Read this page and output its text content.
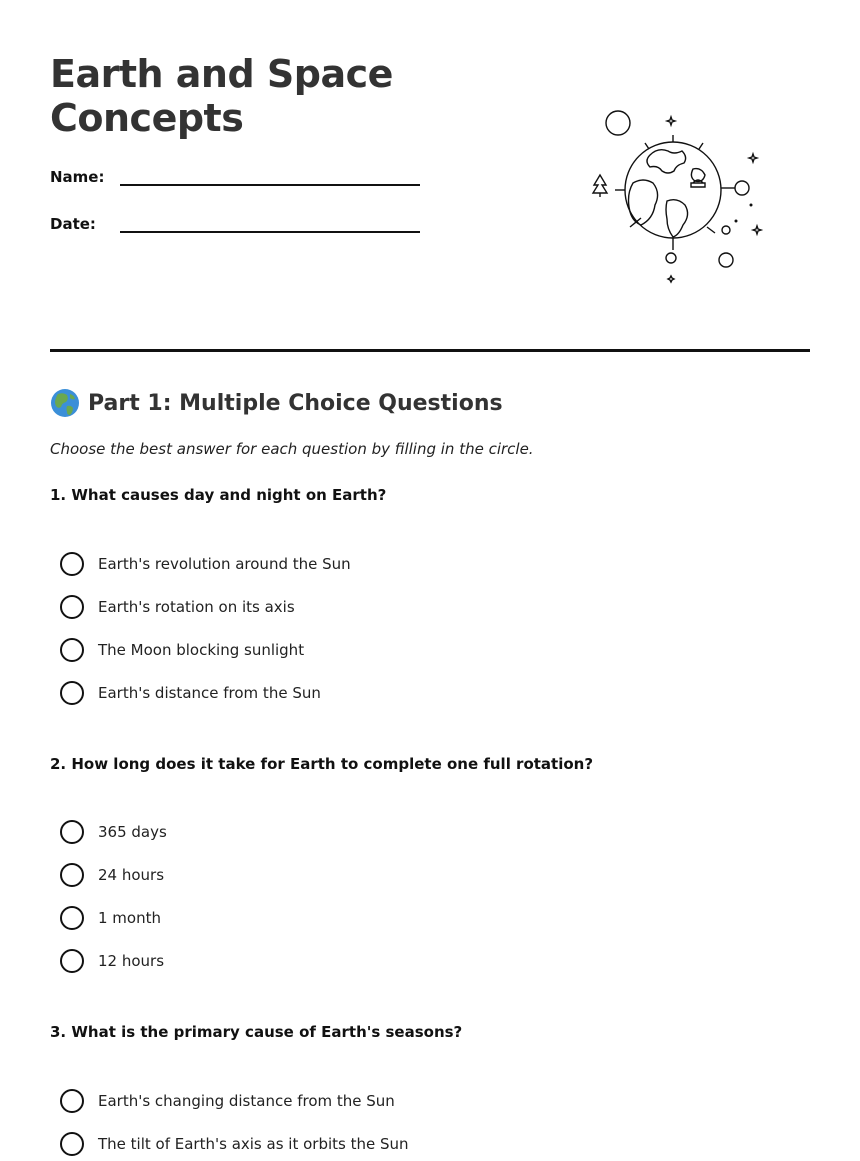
Earth and Space Concepts
Name:
Date:
Part 1: Multiple Choice Questions
Choose the best answer for each question by filling in the circle.
1. What causes day and night on Earth?
Earth's revolution around the Sun
Earth's rotation on its axis
The Moon blocking sunlight
Earth's distance from the Sun
2. How long does it take for Earth to complete one full rotation?
365 days
24 hours
1 month
12 hours
3. What is the primary cause of Earth's seasons?
Earth's changing distance from the Sun
The tilt of Earth's axis as it orbits the Sun
